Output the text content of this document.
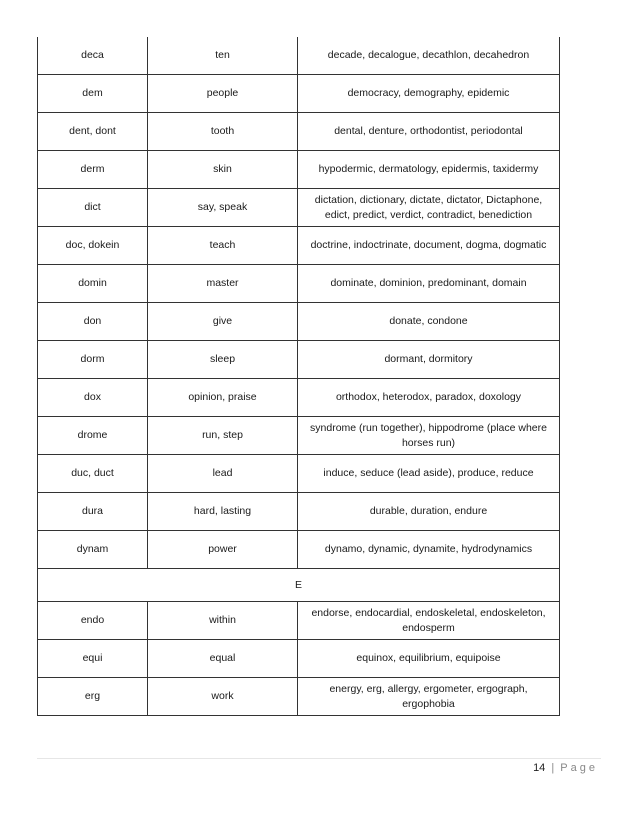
deca	ten	decade, decalogue, decathlon, decahedron
dem	people	democracy, demography, epidemic
dent, dont	tooth	dental, denture, orthodontist, periodontal
derm	skin	hypodermic, dermatology, epidermis, taxidermy
dict	say, speak	dictation, dictionary, dictate, dictator, Dictaphone, edict, predict, verdict, contradict, benediction
doc, dokein	teach	doctrine, indoctrinate, document, dogma, dogmatic
domin	master	dominate, dominion, predominant, domain
don	give	donate, condone
dorm	sleep	dormant, dormitory
dox	opinion, praise	orthodox, heterodox, paradox, doxology
drome	run, step	syndrome (run together), hippodrome (place where horses run)
duc, duct	lead	induce, seduce (lead aside), produce, reduce
dura	hard, lasting	durable, duration, endure
dynam	power	dynamo, dynamic, dynamite, hydrodynamics
E		
endo	within	endorse, endocardial, endoskeletal, endoskeleton, endosperm
equi	equal	equinox, equilibrium, equipoise
erg	work	energy, erg, allergy, ergometer, ergograph, ergophobia
14 | Page
